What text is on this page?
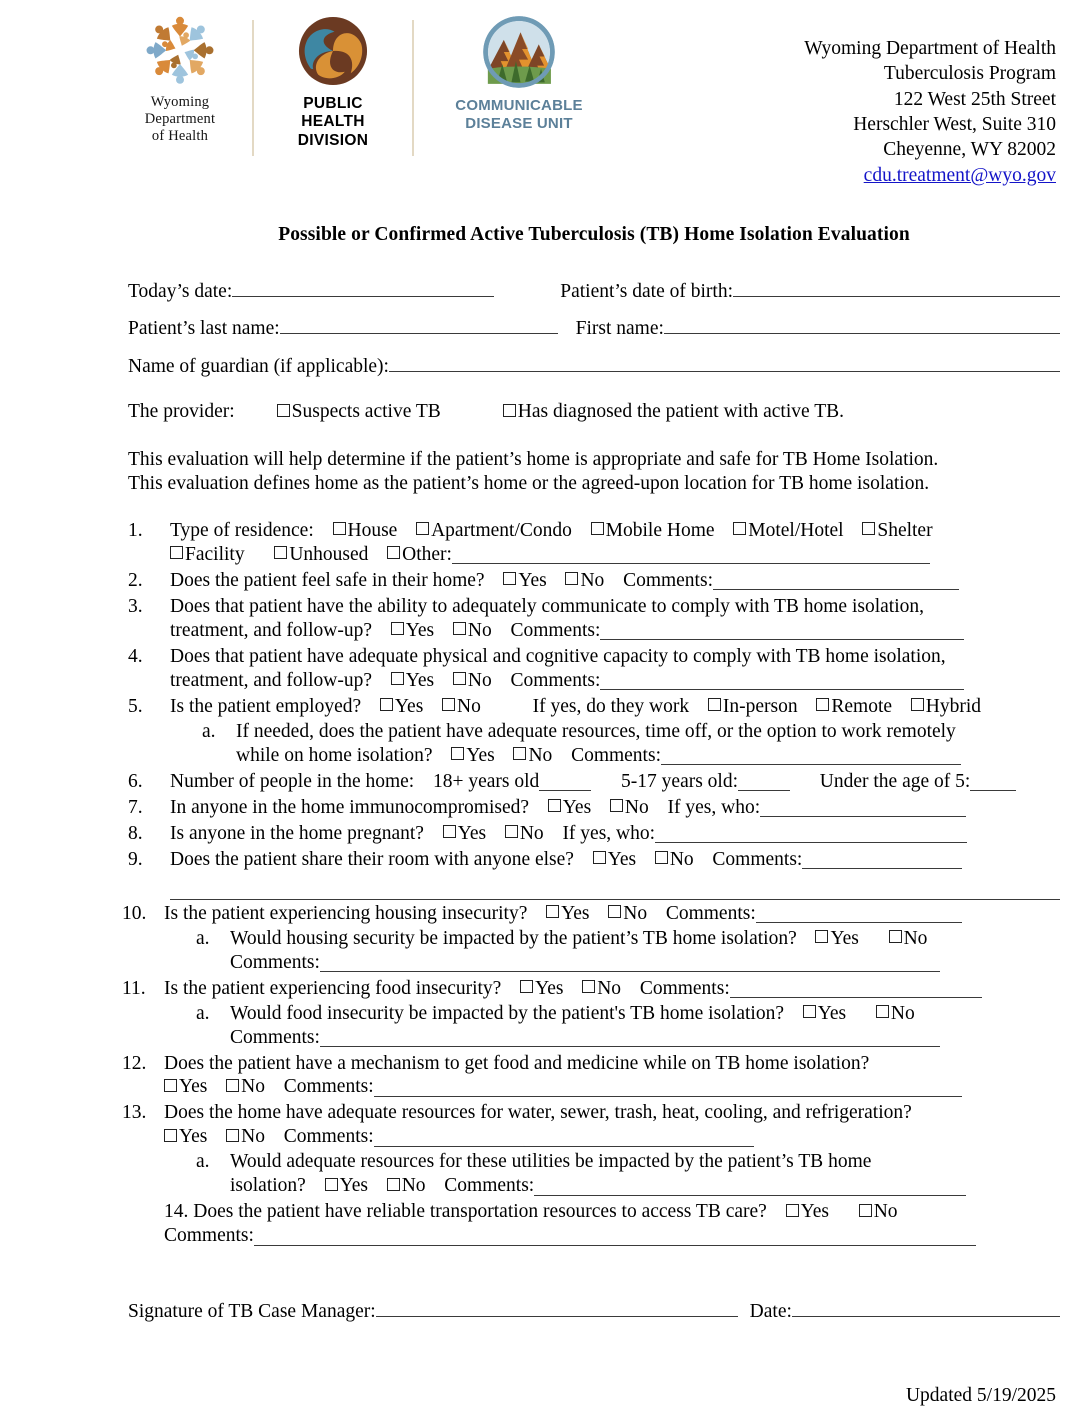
Wyoming
Department
of Health
PUBLIC
HEALTH
DIVISION
COMMUNICABLE
DISEASE UNIT
Wyoming Department of Health
Tuberculosis Program
122 West 25th Street
Herschler West, Suite 310
Cheyenne, WY 82002
cdu.treatment@wyo.gov
Possible or Confirmed Active Tuberculosis (TB) Home Isolation Evaluation
Today’s date:	Patient’s date of birth:
Patient’s last name:	First name:
Name of guardian (if applicable):
The provider:	Suspects active TB	Has diagnosed the patient with active TB.
This evaluation will help determine if the patient’s home is appropriate and safe for TB Home Isolation.
This evaluation defines home as the patient’s home or the agreed-upon location for TB home isolation.
1.	Type of residence: House Apartment/Condo Mobile Home Motel/Hotel Shelter
Facility Unhoused Other:
2.	Does the patient feel safe in their home? Yes No Comments:
3.	Does that patient have the ability to adequately communicate to comply with TB home isolation,
treatment, and follow-up? Yes No Comments:
4.	Does that patient have adequate physical and cognitive capacity to comply with TB home isolation,
treatment, and follow-up? Yes No Comments:
5.	Is the patient employed? Yes No	If yes, do they work In-person Remote Hybrid
a. If needed, does the patient have adequate resources, time off, or the option to work remotely
while on home isolation? Yes No Comments:
6.	Number of people in the home: 18+ years old	5-17 years old:	Under the age of 5:
7.	In anyone in the home immunocompromised? Yes No If yes, who:
8.	Is anyone in the home pregnant? Yes No If yes, who:
9.	Does the patient share their room with anyone else? Yes No Comments:
10. Is the patient experiencing housing insecurity? Yes No Comments:
a. Would housing security be impacted by the patient’s TB home isolation? Yes No
Comments:
11. Is the patient experiencing food insecurity? Yes No Comments:
a. Would food insecurity be impacted by the patient's TB home isolation? Yes No
Comments:
12. Does the patient have a mechanism to get food and medicine while on TB home isolation?
Yes No Comments:
13. Does the home have adequate resources for water, sewer, trash, heat, cooling, and refrigeration?
Yes No Comments:
a. Would adequate resources for these utilities be impacted by the patient’s TB home
isolation? Yes No Comments:
14. Does the patient have reliable transportation resources to access TB care? Yes No
Comments:
Signature of TB Case Manager:	Date:
Updated 5/19/2025
